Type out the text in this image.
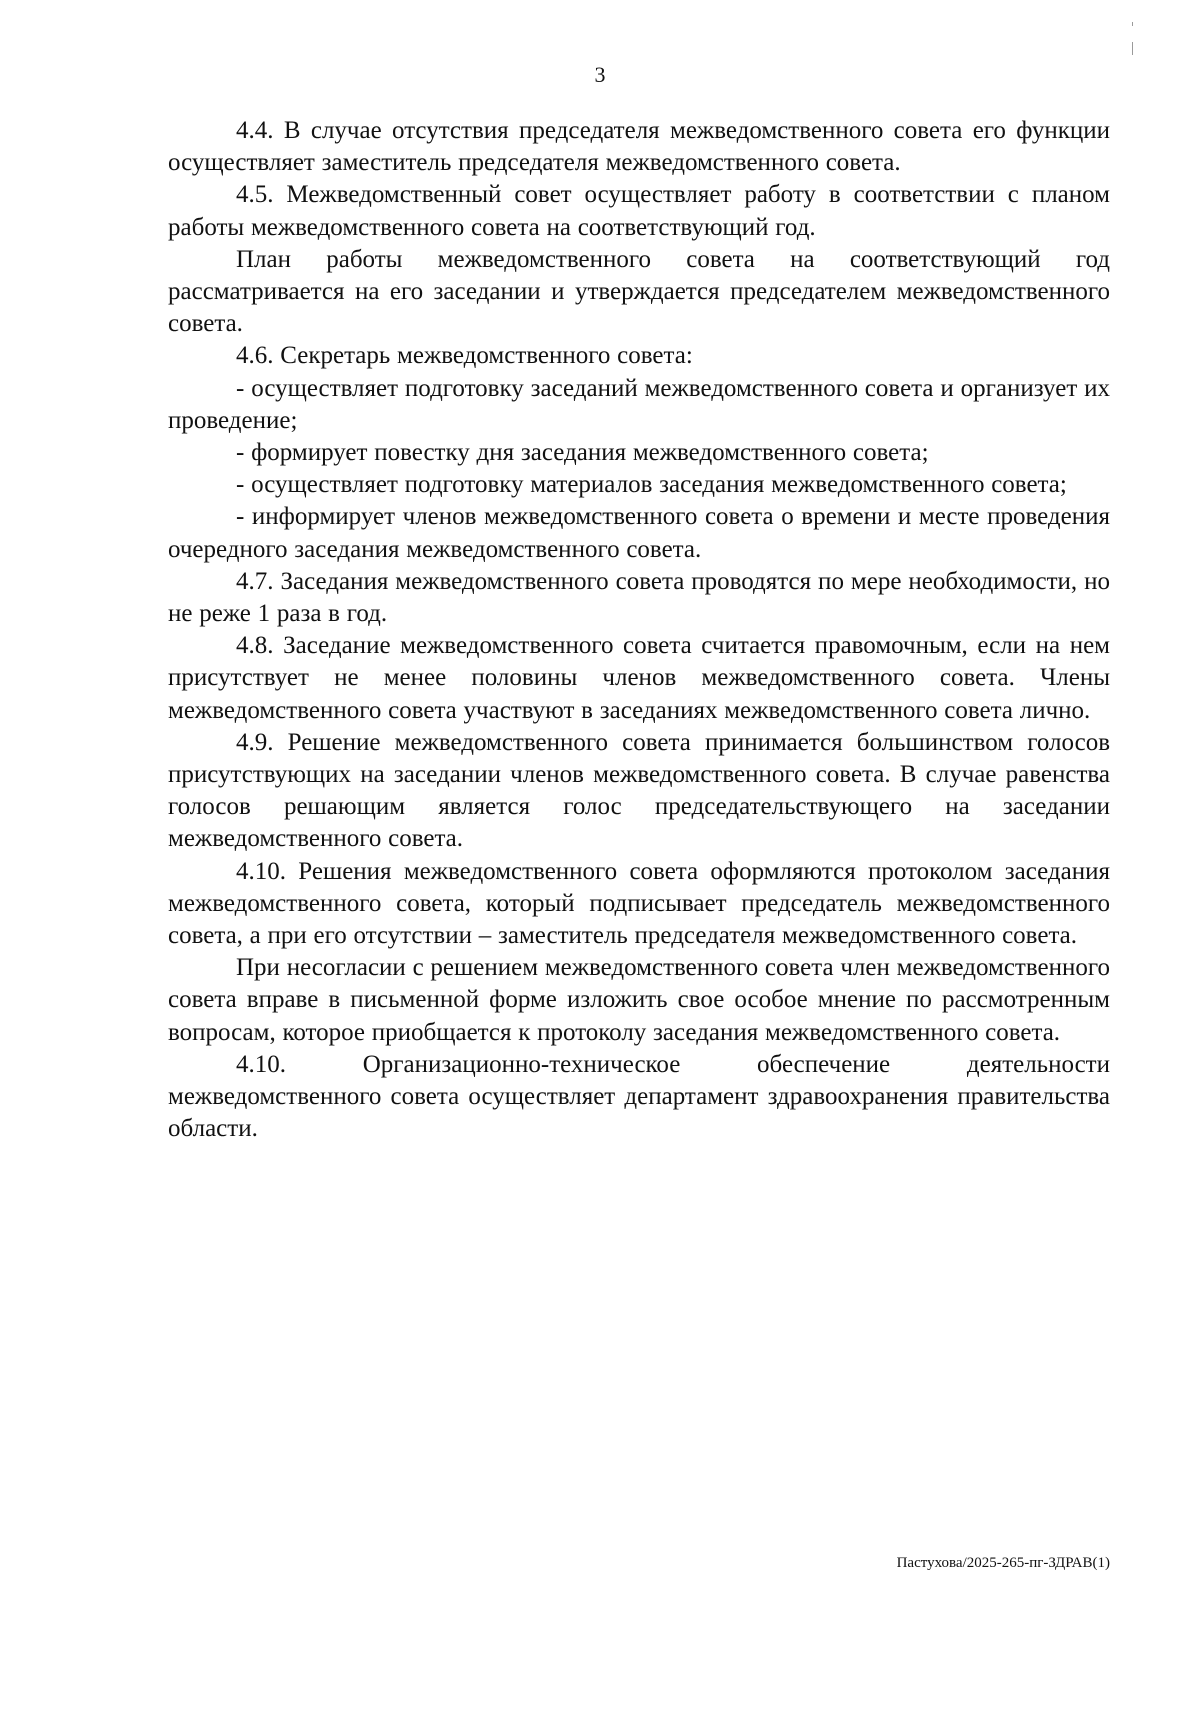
3

4.4. В случае отсутствия председателя межведомственного совета его функции осуществляет заместитель председателя межведомственного совета.

4.5. Межведомственный совет осуществляет работу в соответствии с планом работы межведомственного совета на соответствующий год.

План работы межведомственного совета на соответствующий год рассматривается на его заседании и утверждается председателем межведомственного совета.

4.6. Секретарь межведомственного совета:

- осуществляет подготовку заседаний межведомственного совета и организует их проведение;

- формирует повестку дня заседания межведомственного совета;

- осуществляет подготовку материалов заседания межведомственного совета;

- информирует членов межведомственного совета о времени и месте проведения очередного заседания межведомственного совета.

4.7. Заседания межведомственного совета проводятся по мере необходимости, но не реже 1 раза в год.

4.8. Заседание межведомственного совета считается правомочным, если на нем присутствует не менее половины членов межведомственного совета. Члены межведомственного совета участвуют в заседаниях межведомственного совета лично.

4.9. Решение межведомственного совета принимается большинством голосов присутствующих на заседании членов межведомственного совета. В случае равенства голосов решающим является голос председательствующего на заседании межведомственного совета.

4.10. Решения межведомственного совета оформляются протоколом заседания межведомственного совета, который подписывает председатель межведомственного совета, а при его отсутствии – заместитель председателя межведомственного совета.

При несогласии с решением межведомственного совета член межведомственного совета вправе в письменной форме изложить свое особое мнение по рассмотренным вопросам, которое приобщается к протоколу заседания межведомственного совета.

4.10. Организационно-техническое обеспечение деятельности межведомственного совета осуществляет департамент здравоохранения правительства области.

Пастухова/2025-265-пг-ЗДРАВ(1)
